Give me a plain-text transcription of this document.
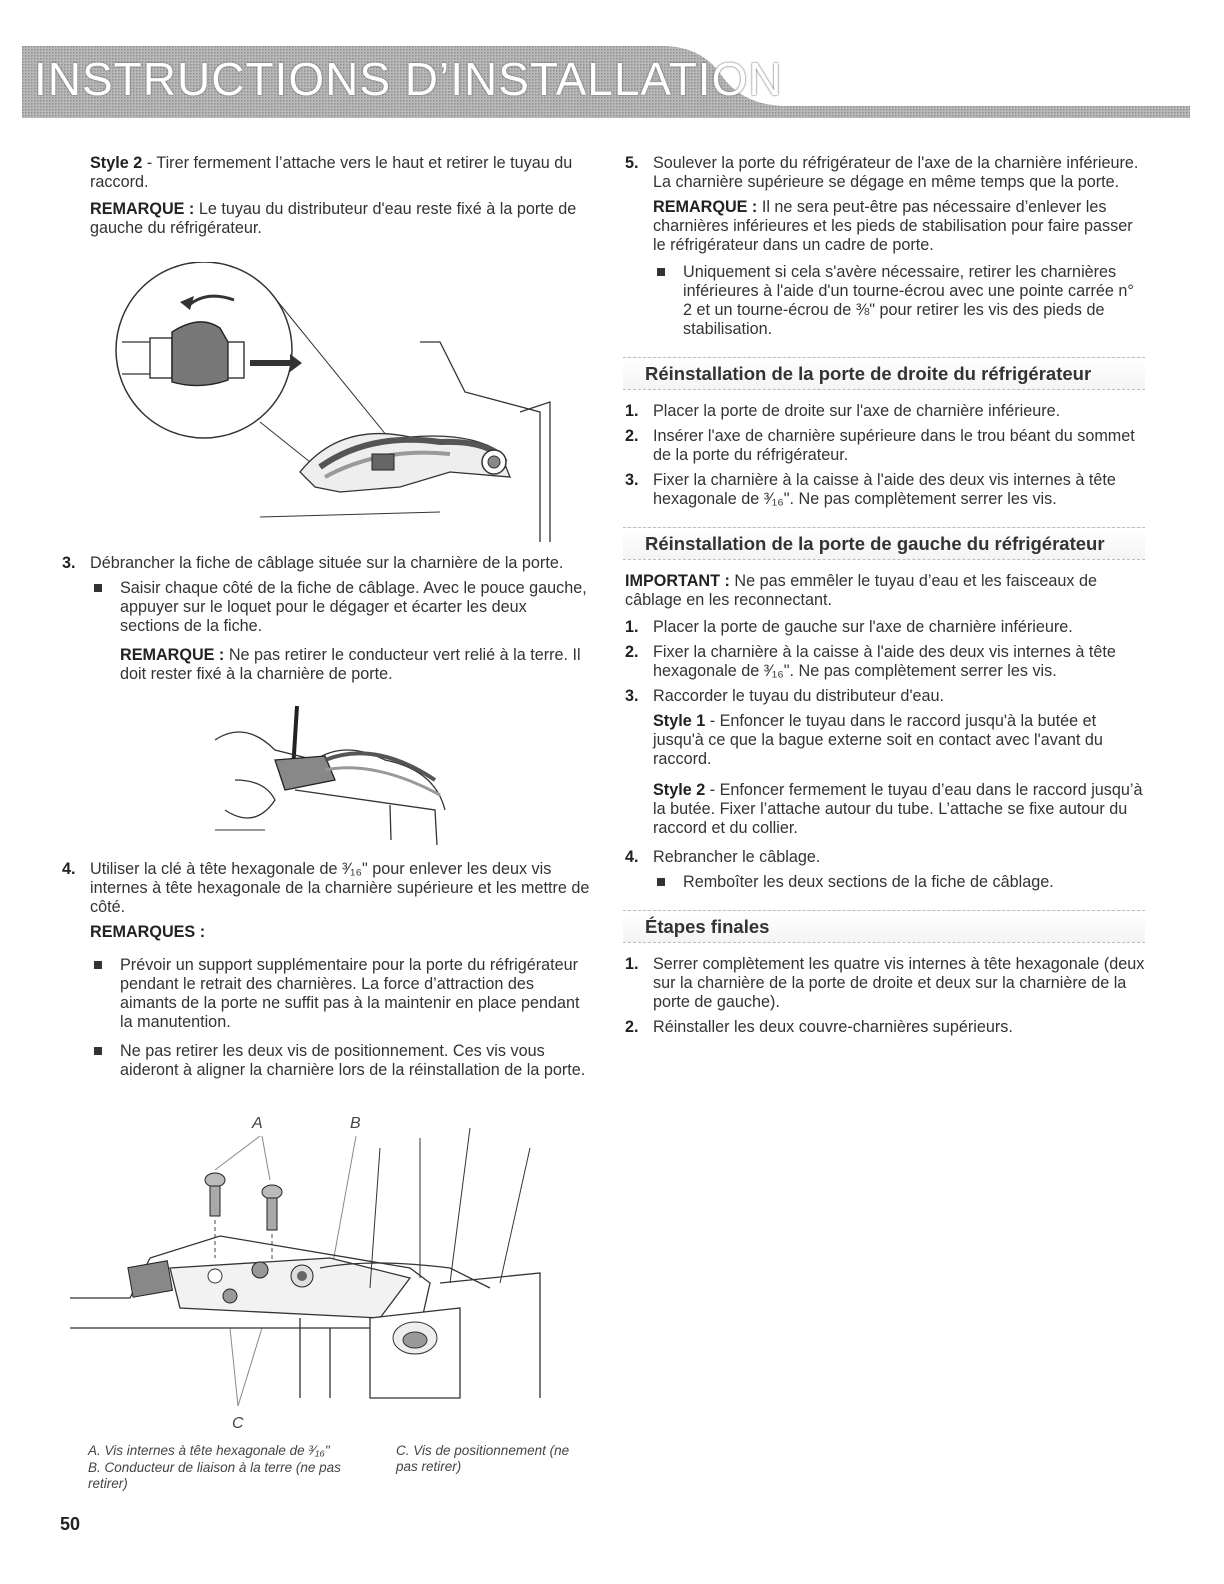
INSTRUCTIONS D’INSTALLATION

Style 2 - Tirer fermement l’attache vers le haut et retirer le tuyau du raccord.

REMARQUE : Le tuyau du distributeur d'eau reste fixé à la porte de gauche du réfrigérateur.

3. Débrancher la fiche de câblage située sur la charnière de la porte.
Saisir chaque côté de la fiche de câblage. Avec le pouce gauche, appuyer sur le loquet pour le dégager et écarter les deux sections de la fiche.

REMARQUE : Ne pas retirer le conducteur vert relié à la terre. Il doit rester fixé à la charnière de porte.

4. Utiliser la clé à tête hexagonale de ³⁄₁₆" pour enlever les deux vis internes à tête hexagonale de la charnière supérieure et les mettre de côté.

REMARQUES :

Prévoir un support supplémentaire pour la porte du réfrigérateur pendant le retrait des charnières. La force d’attraction des aimants de la porte ne suffit pas à la maintenir en place pendant la manutention.
Ne pas retirer les deux vis de positionnement. Ces vis vous aideront à aligner la charnière lors de la réinstallation de la porte.
A	B
C
A. Vis internes à tête hexagonale de ³⁄₁₆"
B. Conducteur de liaison à la terre (ne pas retirer)
C. Vis de positionnement (ne pas retirer)
5. Soulever la porte du réfrigérateur de l'axe de la charnière inférieure. La charnière supérieure se dégage en même temps que la porte.

REMARQUE : Il ne sera peut-être pas nécessaire d’enlever les charnières inférieures et les pieds de stabilisation pour faire passer le réfrigérateur dans un cadre de porte.

Uniquement si cela s'avère nécessaire, retirer les charnières inférieures à l'aide d'un tourne-écrou avec une pointe carrée n° 2 et un tourne-écrou de ⅜" pour retirer les vis des pieds de stabilisation.
Réinstallation de la porte de droite du réfrigérateur
1. Placer la porte de droite sur l'axe de charnière inférieure.
2. Insérer l'axe de charnière supérieure dans le trou béant du sommet de la porte du réfrigérateur.
3. Fixer la charnière à la caisse à l'aide des deux vis internes à tête hexagonale de ³⁄₁₆". Ne pas complètement serrer les vis.
Réinstallation de la porte de gauche du réfrigérateur

IMPORTANT : Ne pas emmêler le tuyau d’eau et les faisceaux de câblage en les reconnectant.

1. Placer la porte de gauche sur l'axe de charnière inférieure.
2. Fixer la charnière à la caisse à l'aide des deux vis internes à tête hexagonale de ³⁄₁₆". Ne pas complètement serrer les vis.
3. Raccorder le tuyau du distributeur d'eau.

Style 1 - Enfoncer le tuyau dans le raccord jusqu'à la butée et jusqu'à ce que la bague externe soit en contact avec l'avant du raccord.

Style 2 - Enfoncer fermement le tuyau d’eau dans le raccord jusqu’à la butée. Fixer l’attache autour du tube. L’attache se fixe autour du raccord et du collier.

4. Rebrancher le câblage.
Remboîter les deux sections de la fiche de câblage.
Étapes finales
1. Serrer complètement les quatre vis internes à tête hexagonale (deux sur la charnière de la porte de droite et deux sur la charnière de la porte de gauche).
2. Réinstaller les deux couvre-charnières supérieurs.
50
